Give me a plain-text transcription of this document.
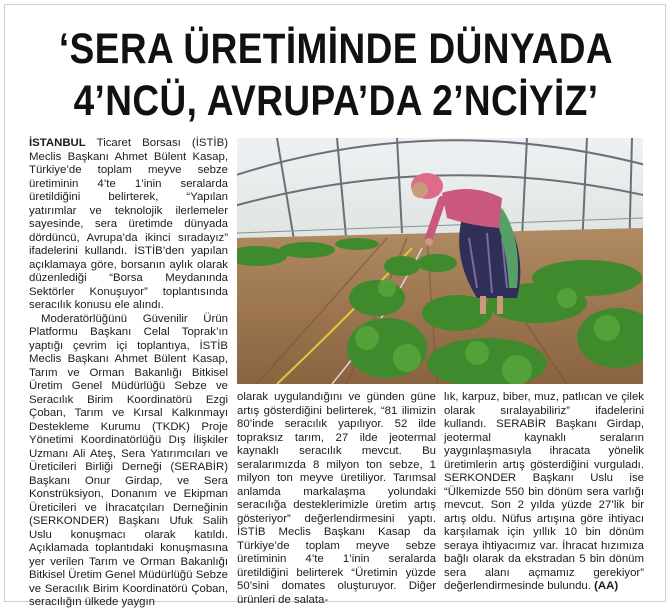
‘SERA ÜRETİMİNDE DÜNYADA
4’NCÜ, AVRUPA’DA 2’NCİYİZ’

İSTANBUL Ticaret Borsası (İSTİB) Meclis Başkanı Ahmet Bülent Kasap, Türkiye’de toplam meyve sebze üretiminin 4’te 1’inin seralarda üretildiğini belirterek, “Yapılan yatırımlar ve teknolojik ilerlemeler sayesinde, sera üretimde dünyada dördüncü, Avrupa’da ikinci sıradayız” ifadelerini kullandı. İSTİB’den yapılan açıklamaya göre, borsanın aylık olarak düzenlediği “Borsa Meydanında Sektörler Konuşuyor” toplantısında seracılık konusu ele alındı.

Moderatörlüğünü Güvenilir Ürün Platformu Başkanı Celal Toprak’ın yaptığı çevrim içi toplantıya, İSTİB Meclis Başkanı Ahmet Bülent Kasap, Tarım ve Orman Bakanlığı Bitkisel Üretim Genel Müdürlüğü Sebze ve Seracılık Birim Koordinatörü Ezgi Çoban, Tarım ve Kırsal Kalkınmayı Destekleme Kurumu (TKDK) Proje Yönetimi Koordinatörlüğü Dış İlişkiler Uzmanı Ali Ateş, Sera Yatırımcıları ve Üreticileri Birliği Derneği (SERABİR) Başkanı Onur Girdap, ve Sera Konstrüksiyon, Donanım ve Ekipman Üreticileri ve İhracatçıları Derneğinin (SERKONDER) Başkanı Ufuk Salih Uslu konuşmacı olarak katıldı. Açıklamada toplantıdaki konuşmasına yer verilen Tarım ve Orman Bakanlığı Bitkisel Üretim Genel Müdürlüğü Sebze ve Seracılık Birim Koordinatörü Çoban, seracılığın ülkede yaygın

olarak uygulandığını ve günden güne artış gösterdiğini belirterek, “81 ilimizin 80’inde seracılık yapılıyor. 52 ilde topraksız tarım, 27 ilde jeotermal kaynaklı seracılık mevcut. Bu seralarımızda 8 milyon ton sebze, 1 milyon ton meyve üretiliyor. Tarımsal anlamda markalaşma yolundaki seracılığa desteklerimizle üretim artış gösteriyor” değerlendirmesini yaptı. İSTİB Meclis Başkanı Kasap da Türkiye’de toplam meyve sebze üretiminin 4’te 1’inin seralarda üretildiğini belirterek “Üretimin yüzde 50’sini domates oluşturuyor. Diğer ürünleri de salata-

lık, karpuz, biber, muz, patlıcan ve çilek olarak sıralayabiliriz” ifadelerini kullandı. SERABİR Başkanı Girdap, jeotermal kaynaklı seraların yaygınlaşmasıyla ihracata yönelik üretimlerin artış gösterdiğini vurguladı. SERKONDER Başkanı Uslu ise “Ülkemizde 550 bin dönüm sera varlığı mevcut. Son 2 yılda yüzde 27’lik bir artış oldu. Nüfus artışına göre ihtiyacı karşılamak için yıllık 10 bin dönüm seraya ihtiyacımız var. İhracat hızımıza bağlı olarak da ekstradan 5 bin dönüm sera alanı açmamız gerekiyor” değerlendirmesinde bulundu. (AA)
